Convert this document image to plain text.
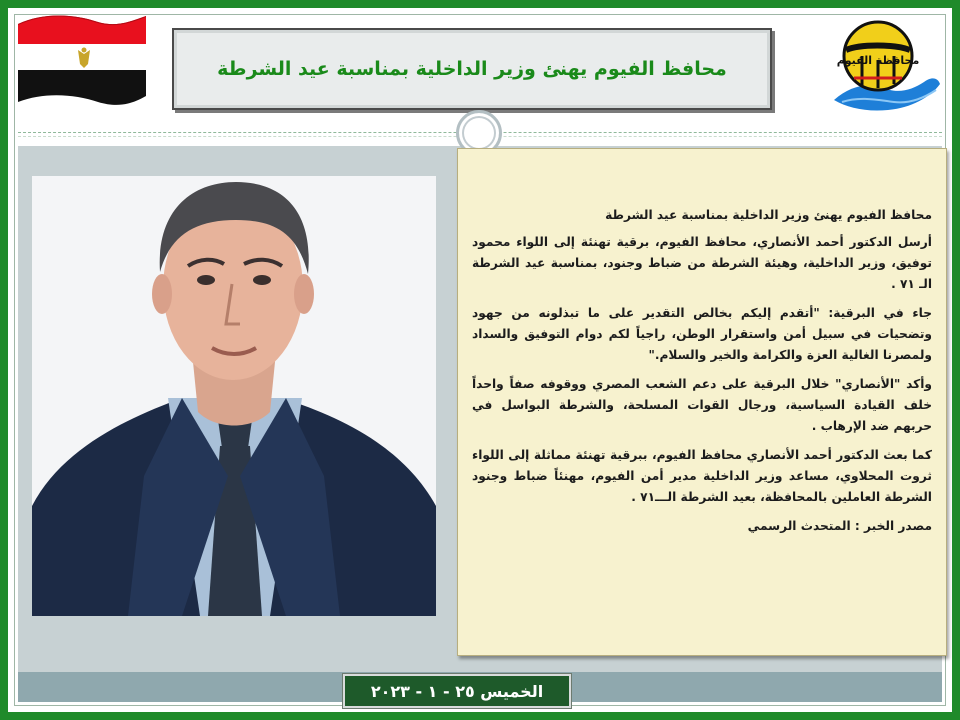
محافظة الفيوم
محافظ الفيوم يهنئ وزير الداخلية بمناسبة عيد الشرطة

محافظ الفيوم يهنئ وزير الداخلية بمناسبة عيد الشرطة

أرسل الدكتور أحمد الأنصاري، محافظ الفيوم، برقية تهنئة إلى اللواء محمود توفيق، وزير الداخلية، وهيئة الشرطة من ضباط وجنود، بمناسبة عيد الشرطة الـ ٧١ .

جاء في البرقية: "أتقدم إليكم بخالص التقدير على ما تبذلونه من جهود وتضحيات في سبيل أمن واستقرار الوطن، راجياً لكم دوام التوفيق والسداد ولمصرنا الغالية العزة والكرامة والخير والسلام."

وأكد "الأنصاري" خلال البرقية على دعم الشعب المصري ووقوفه صفاً واحداً خلف القيادة السياسية، ورجال القوات المسلحة، والشرطة البواسل في حربهم ضد الإرهاب .

كما بعث الدكتور أحمد الأنصاري محافظ الفيوم، ببرقية تهنئة مماثلة إلى اللواء ثروت المحلاوي، مساعد وزير الداخلية مدير أمن الفيوم، مهنئاً ضباط وجنود الشرطة العاملين بالمحافظة، بعيد الشرطة الـــ٧١ .

مصدر الخبر : المتحدث الرسمي

الخميس ٢٥ - ١ - ٢٠٢٣
